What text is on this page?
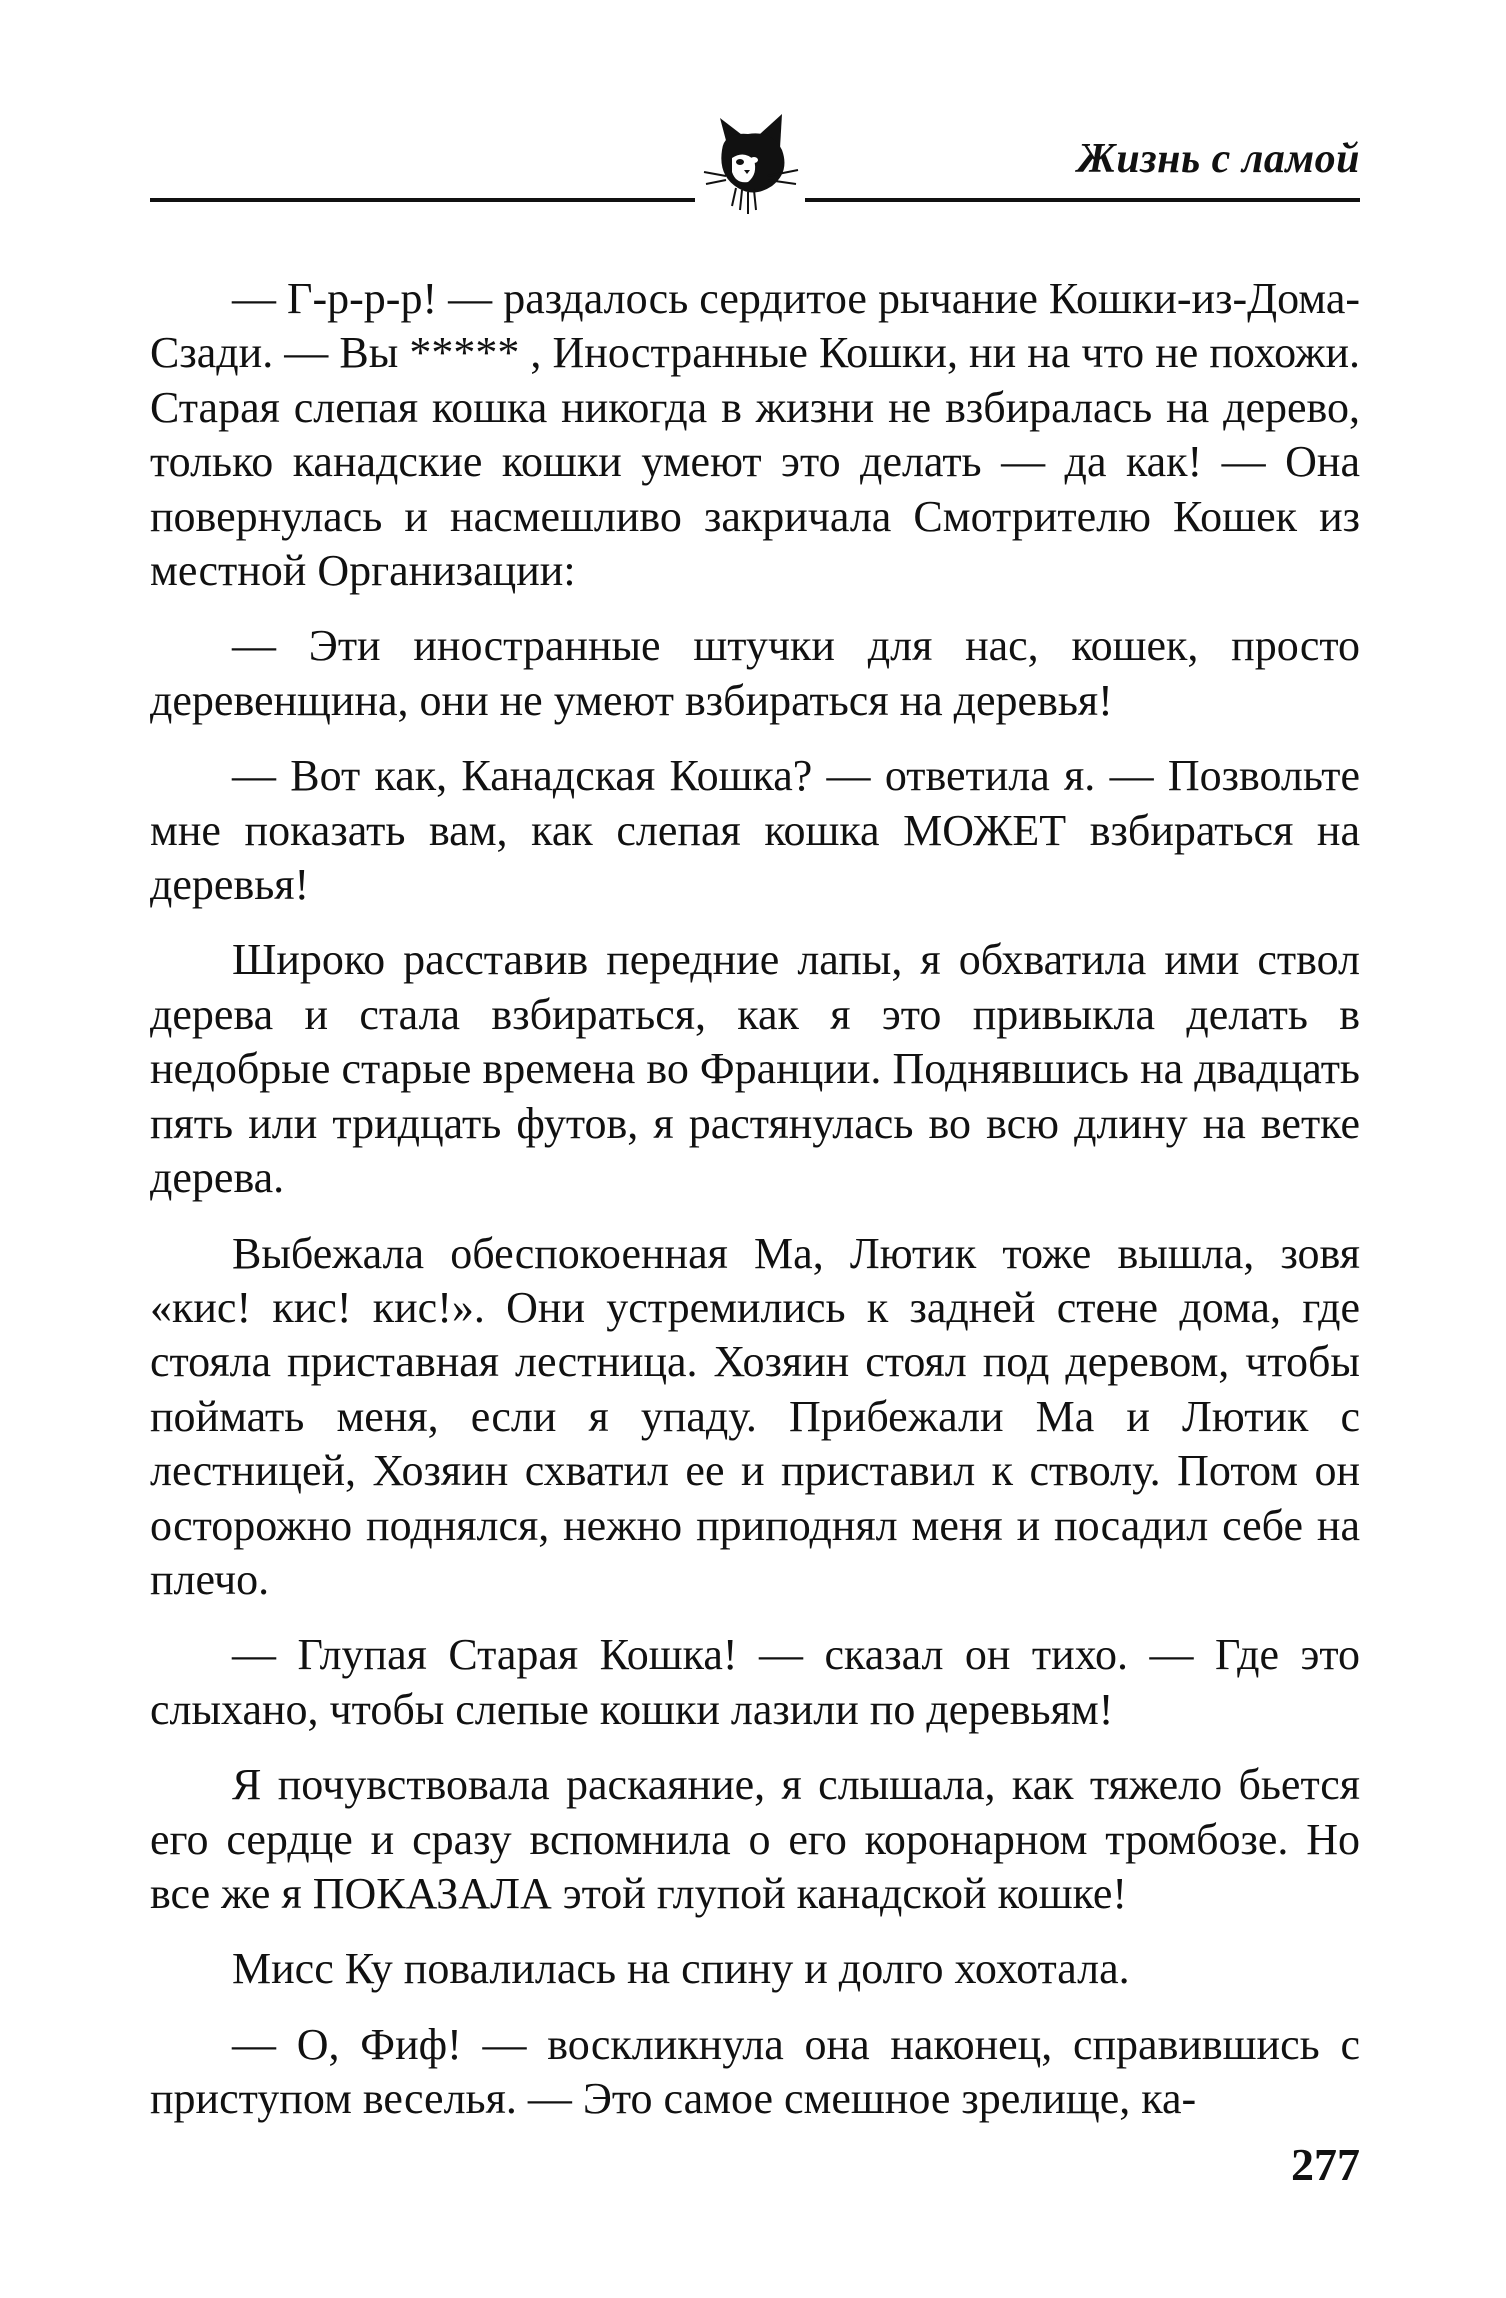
Жизнь с ламой

— Г-р-р-р! — раздалось сердитое рычание Кошки-из-Дома-Сзади. — Вы ***** , Иностранные Кошки, ни на что не похожи. Старая слепая кошка никогда в жизни не взбиралась на дерево, только канадские кошки умеют это делать — да как! — Она повернулась и насмешливо закричала Смотрителю Кошек из местной Организации:

— Эти иностранные штучки для нас, кошек, просто деревенщина, они не умеют взбираться на деревья!

— Вот как, Канадская Кошка? — ответила я. — Позвольте мне показать вам, как слепая кошка МОЖЕТ взбираться на деревья!

Широко расставив передние лапы, я обхватила ими ствол дерева и стала взбираться, как я это привыкла делать в недобрые старые времена во Франции. Поднявшись на двадцать пять или тридцать футов, я растянулась во всю длину на ветке дерева.

Выбежала обеспокоенная Ма, Лютик тоже вышла, зовя «кис! кис! кис!». Они устремились к задней стене дома, где стояла приставная лестница. Хозяин стоял под деревом, чтобы поймать меня, если я упаду. Прибежали Ма и Лютик с лестницей, Хозяин схватил ее и приставил к стволу. Потом он осторожно поднялся, нежно приподнял меня и посадил себе на плечо.

— Глупая Старая Кошка! — сказал он тихо. — Где это слыхано, чтобы слепые кошки лазили по деревьям!

Я почувствовала раскаяние, я слышала, как тяжело бьется его сердце и сразу вспомнила о его коронарном тромбозе. Но все же я ПОКАЗАЛА этой глупой канадской кошке!

Мисс Ку повалилась на спину и долго хохотала.

— О, Фиф! — воскликнула она наконец, справившись с приступом веселья. — Это самое смешное зрелище, ка-

277
